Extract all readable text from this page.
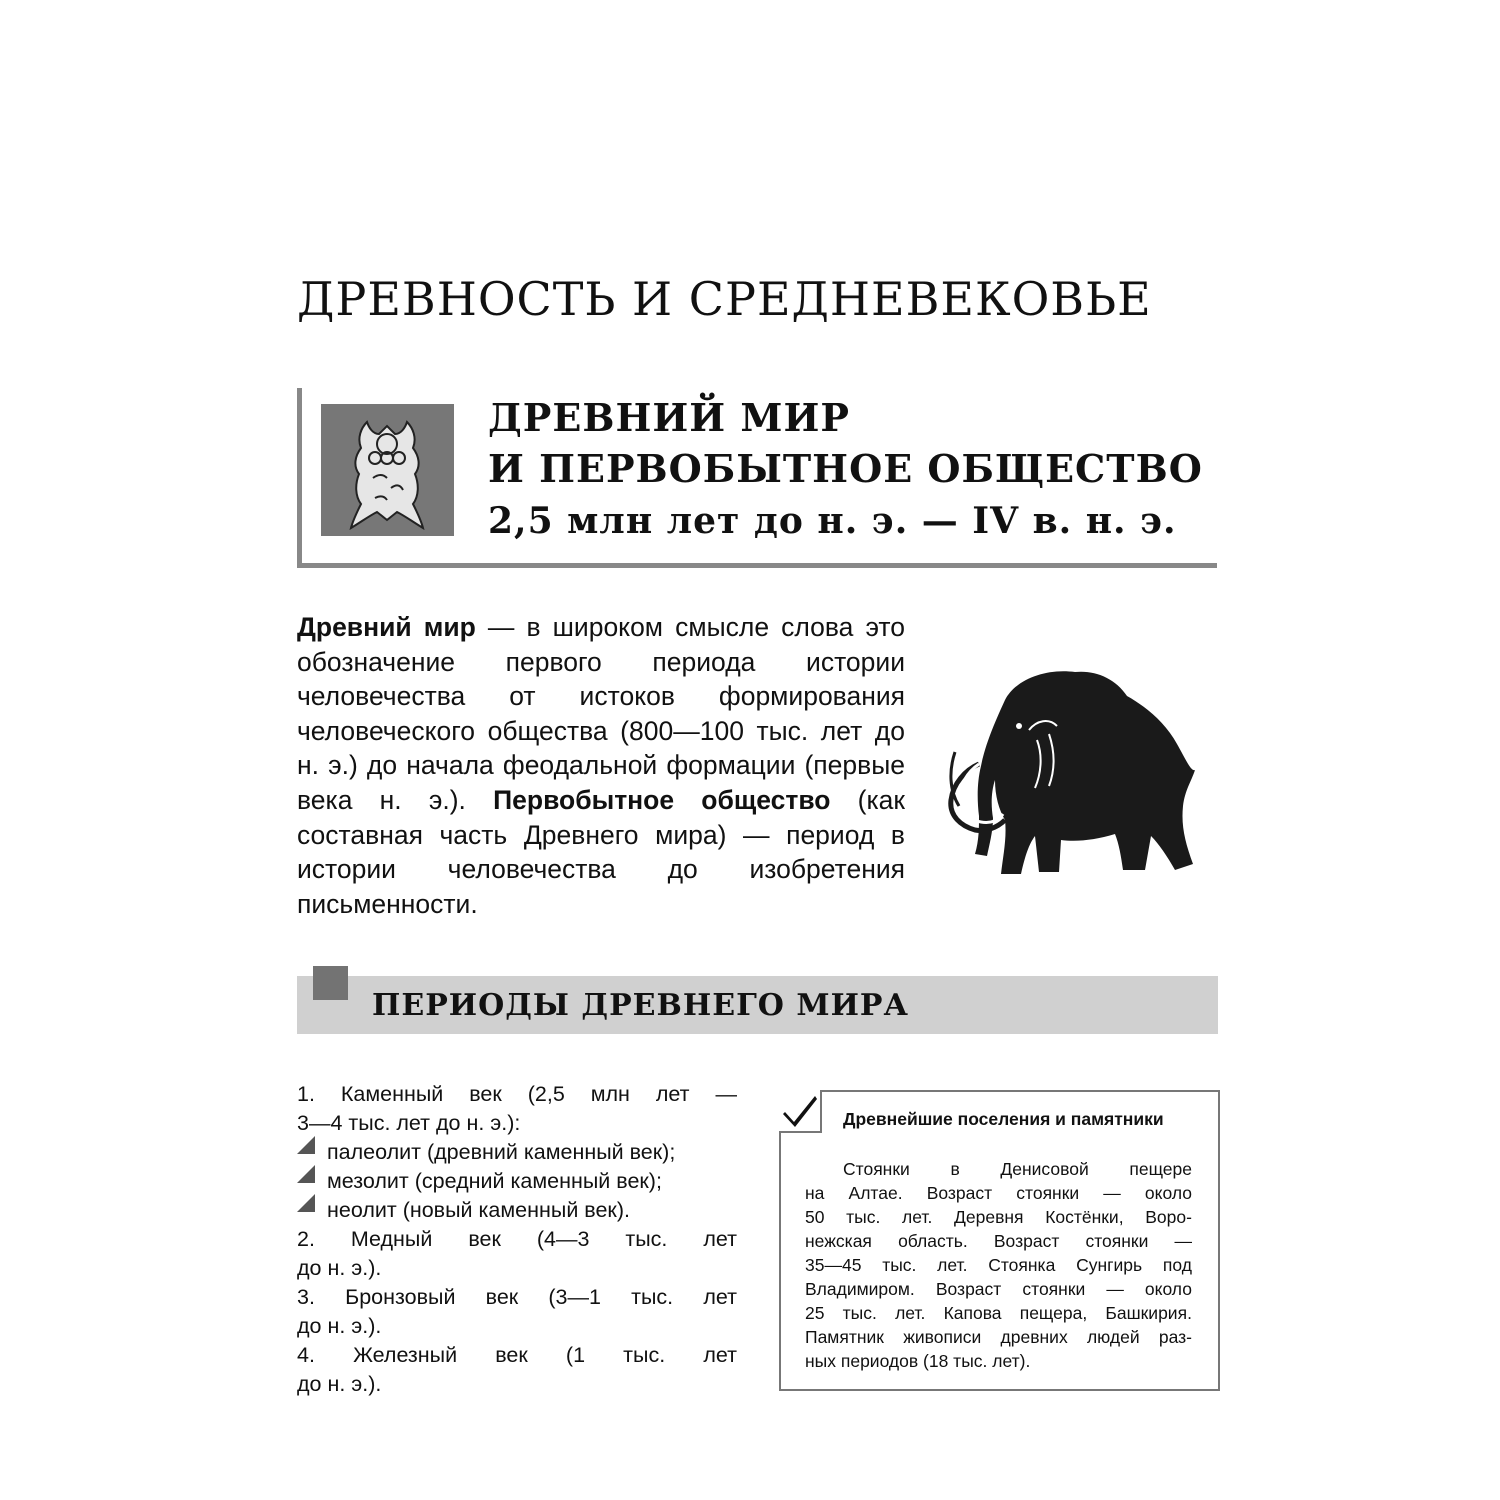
ДРЕВНОСТЬ И СРЕДНЕВЕКОВЬЕ
ДРЕВНИЙ МИР
И ПЕРВОБЫТНОЕ ОБЩЕСТВО
2,5 млн лет до н. э. — IV в. н. э.
Древний мир — в широком смысле слова это обозначение первого периода истории человечества от истоков формирования человеческого общества (800—100 тыс. лет до н. э.) до начала феодальной формации (первые века н. э.). Первобытное общество (как составная часть Древнего мира) — период в истории человечества до изобретения письменности.
ПЕРИОДЫ ДРЕВНЕГО МИРА
1. Каменный век (2,5 млн лет —
3—4 тыс. лет до н. э.):
палеолит (древний каменный век);
мезолит (средний каменный век);
неолит (новый каменный век).
2. Медный век (4—3 тыс. лет
до н. э.).
3. Бронзовый век (3—1 тыс. лет
до н. э.).
4. Железный век (1 тыс. лет
до н. э.).
Древнейшие поселения и памятники
Стоянки в Денисовой пещере
на Алтае. Возраст стоянки — около
50 тыс. лет. Деревня Костёнки, Воро-
нежская область. Возраст стоянки —
35—45 тыс. лет. Стоянка Сунгирь под
Владимиром. Возраст стоянки — около
25 тыс. лет. Капова пещера, Башкирия.
Памятник живописи древних людей раз-
ных периодов (18 тыс. лет).
